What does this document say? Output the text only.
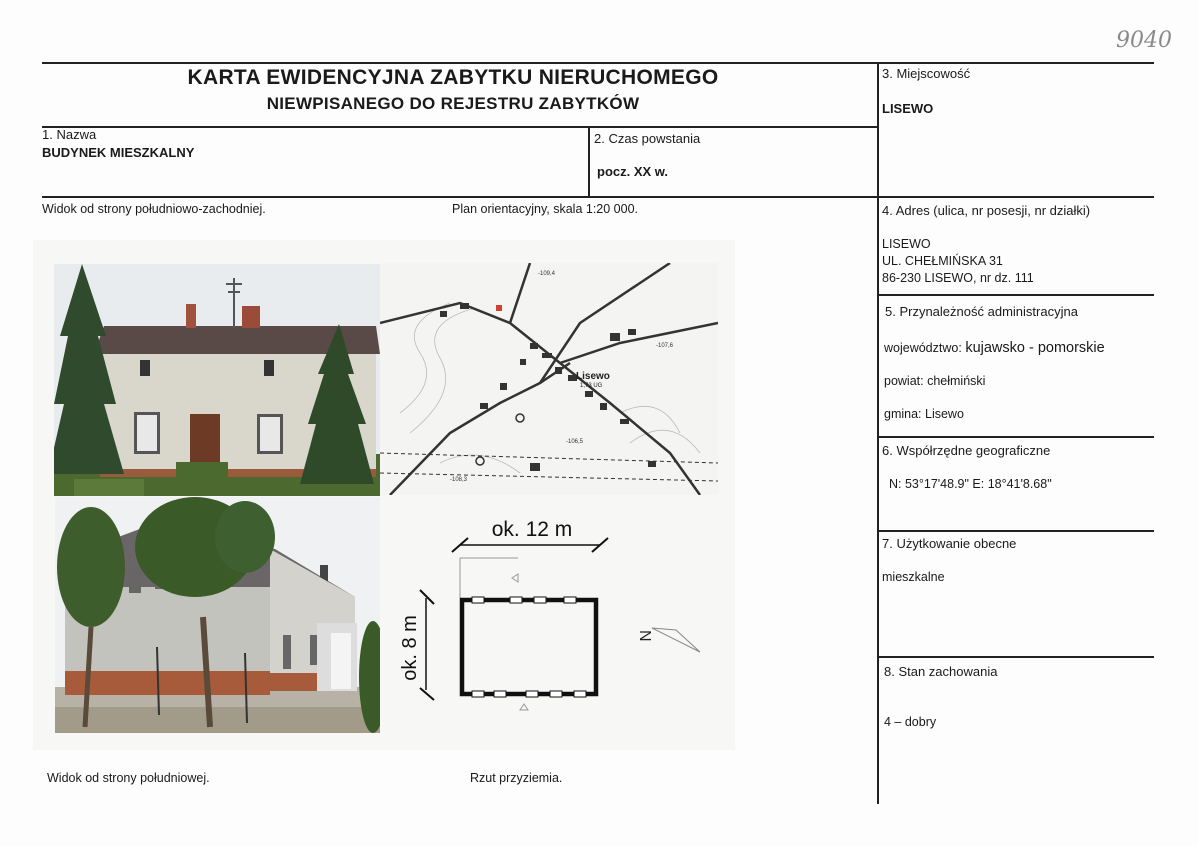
9040
KARTA EWIDENCYJNA ZABYTKU NIERUCHOMEGO
NIEWPISANEGO DO REJESTRU ZABYTKÓW
1. Nazwa
BUDYNEK MIESZKALNY
2. Czas powstania
pocz. XX w.
3. Miejscowość
LISEWO
4. Adres (ulica, nr posesji, nr działki)
LISEWO
UL. CHEŁMIŃSKA 31
86-230 LISEWO, nr dz. 111
5. Przynależność administracyjna
województwo: kujawsko - pomorskie
powiat: chełmiński
gmina: Lisewo
6. Współrzędne geograficzne
N: 53°17'48.9" E: 18°41'8.68"
7. Użytkowanie obecne
mieszkalne
8. Stan zachowania
4 – dobry
Widok od strony południowo-zachodniej.	Plan orientacyjny, skala 1:20 000.
Widok od strony południowej.	Rzut przyziemia.
Lisewo
1,73 UG
-109,4
-107,6
-106,5
-108,3
ok. 12 m
ok. 8 m	N
